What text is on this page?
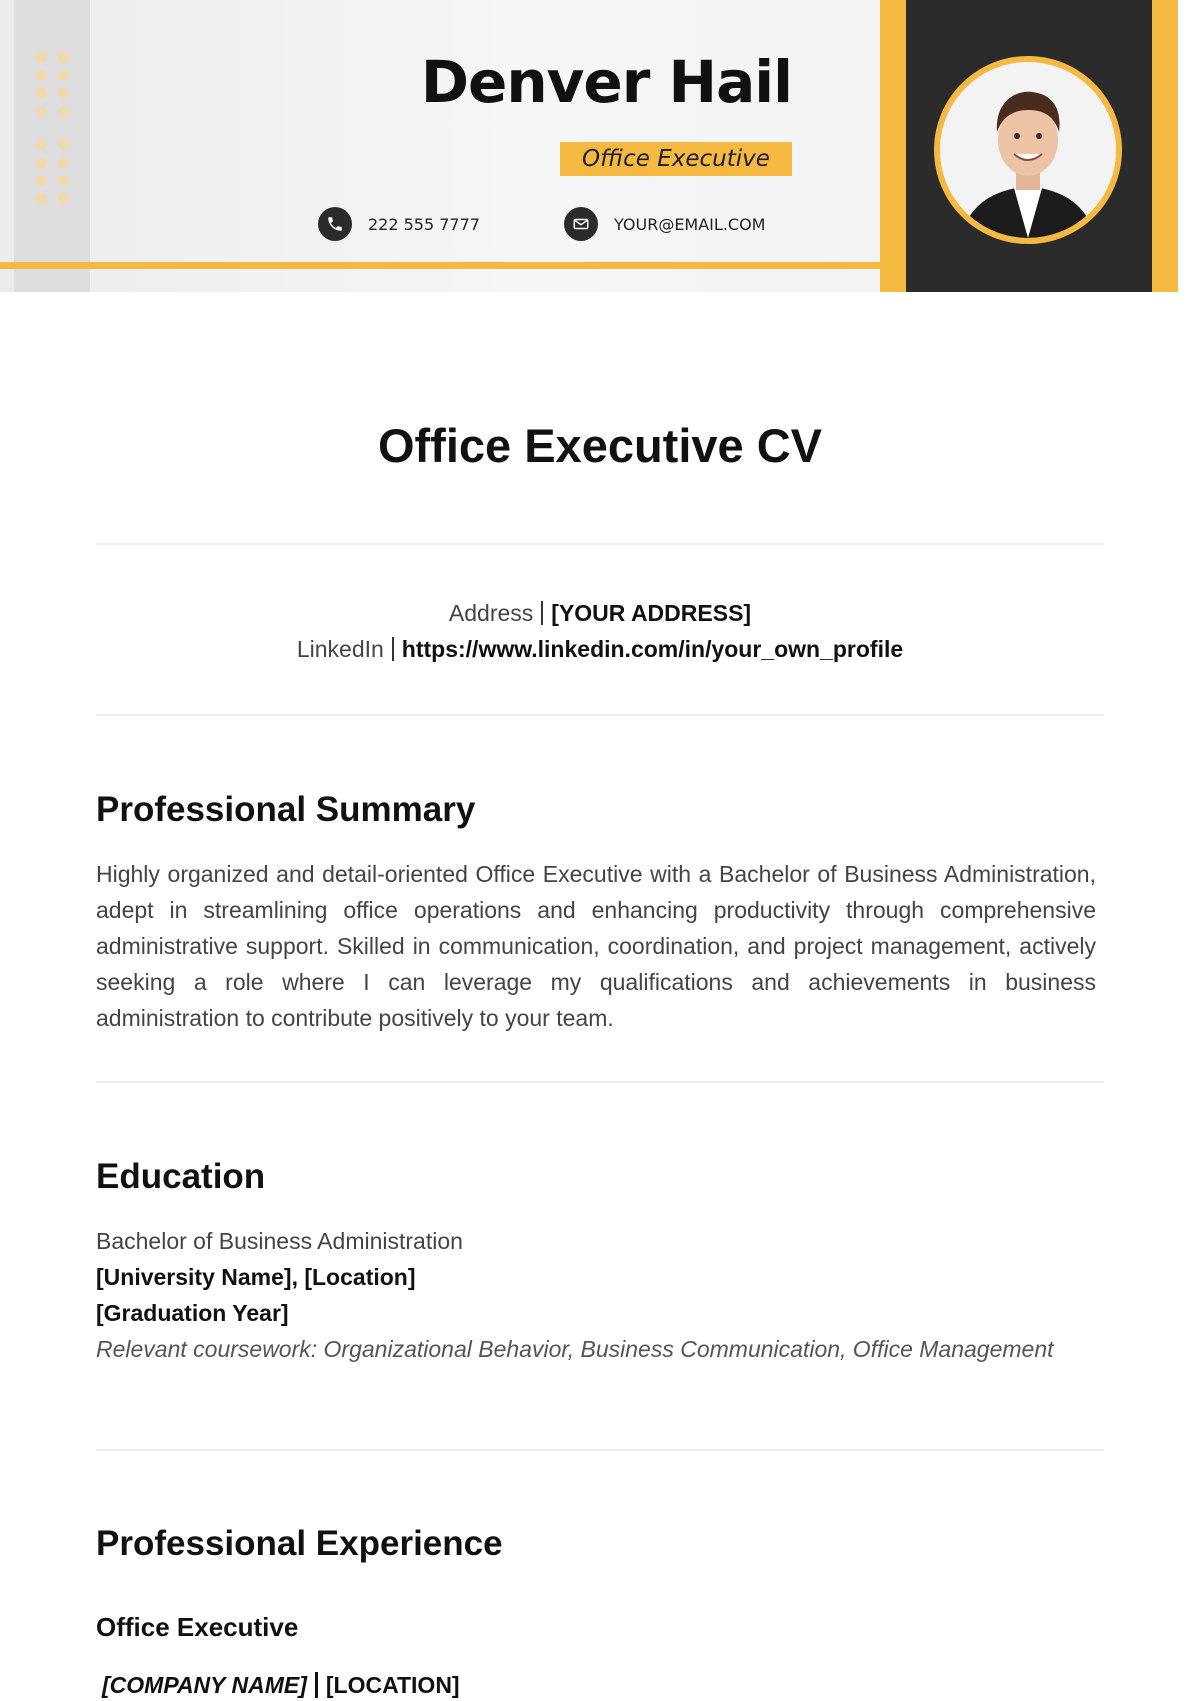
Denver Hail
Office Executive
222 555 7777	YOUR@EMAIL.COM
Office Executive CV
Address [YOUR ADDRESS]
LinkedIn https://www.linkedin.com/in/your_own_profile
Professional Summary

Highly organized and detail-oriented Office Executive with a Bachelor of Business Administration, adept in streamlining office operations and enhancing productivity through comprehensive administrative support. Skilled in communication, coordination, and project management, actively seeking a role where I can leverage my qualifications and achievements in business administration to contribute positively to your team.

Education
Bachelor of Business Administration
[University Name], [Location]
[Graduation Year]

Relevant coursework: Organizational Behavior, Business Communication, Office Management

Professional Experience
Office Executive
[COMPANY NAME] [LOCATION]
